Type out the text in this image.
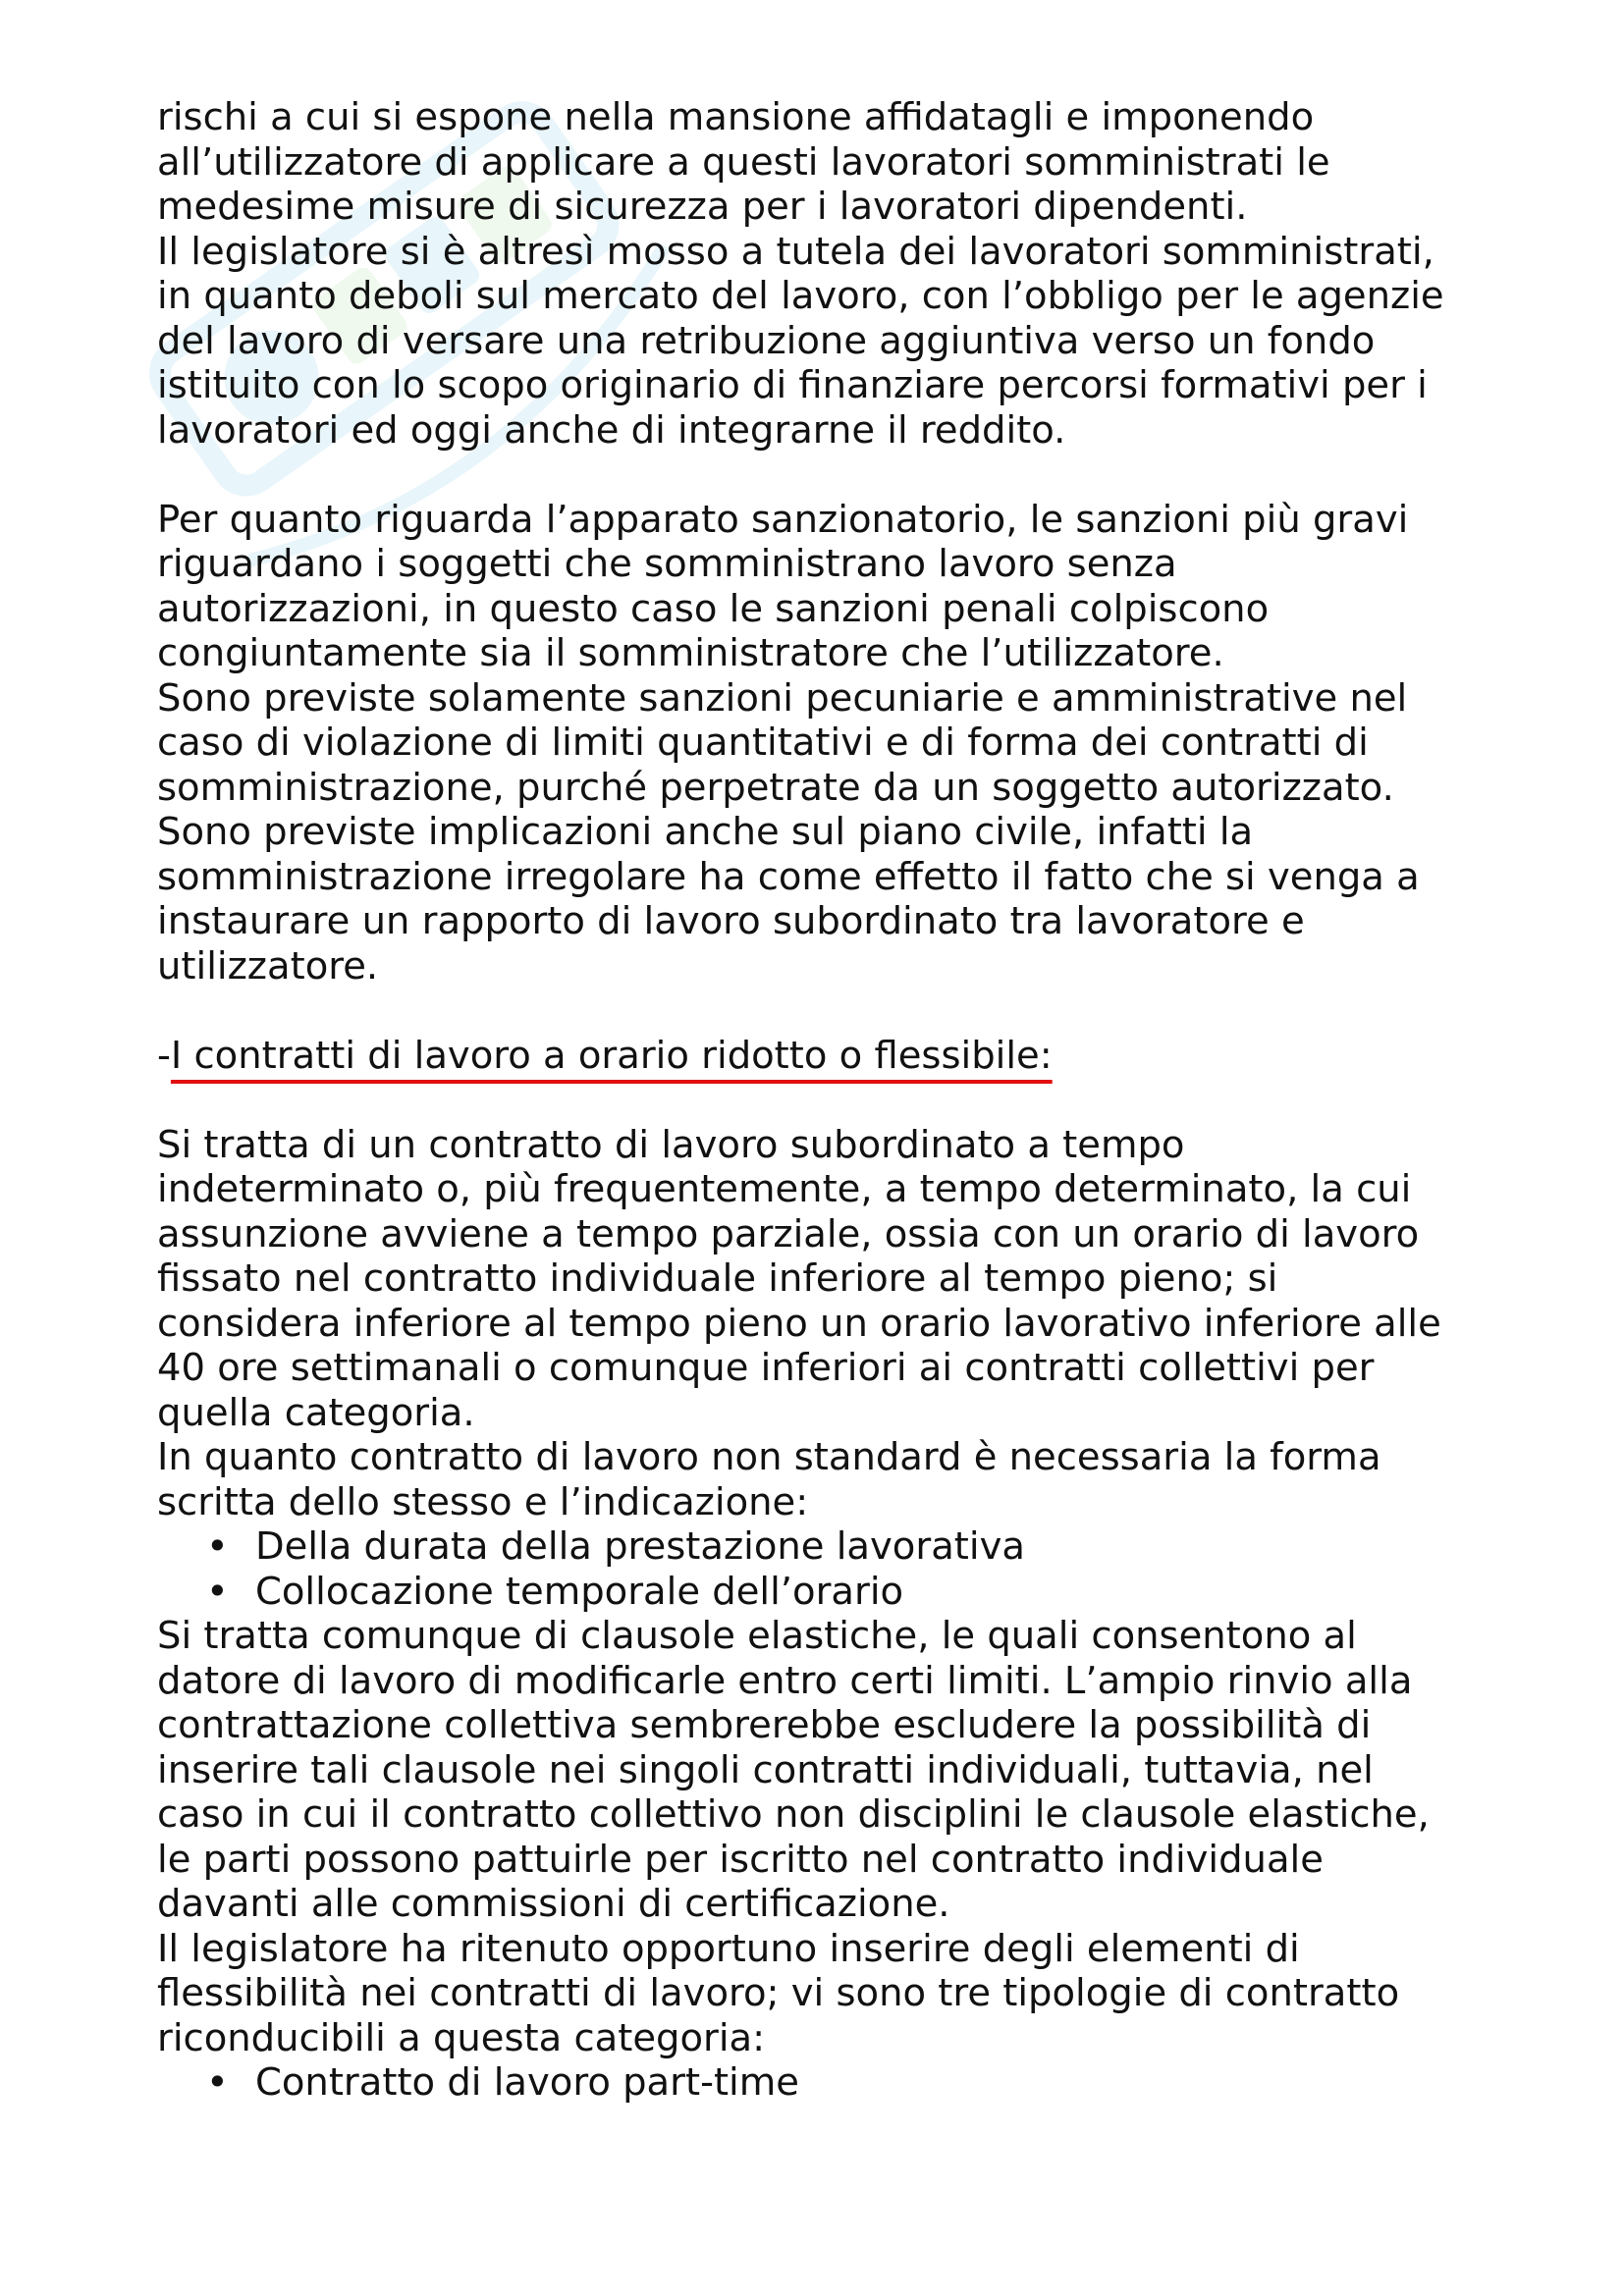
rischi a cui si espone nella mansione affidatagli e imponendo
all’utilizzatore di applicare a questi lavoratori somministrati le
medesime misure di sicurezza per i lavoratori dipendenti.
Il legislatore si è altresì mosso a tutela dei lavoratori somministrati,
in quanto deboli sul mercato del lavoro, con l’obbligo per le agenzie
del lavoro di versare una retribuzione aggiuntiva verso un fondo
istituito con lo scopo originario di finanziare percorsi formativi per i
lavoratori ed oggi anche di integrarne il reddito.
Per quanto riguarda l’apparato sanzionatorio, le sanzioni più gravi
riguardano i soggetti che somministrano lavoro senza
autorizzazioni, in questo caso le sanzioni penali colpiscono
congiuntamente sia il somministratore che l’utilizzatore.
Sono previste solamente sanzioni pecuniarie e amministrative nel
caso di violazione di limiti quantitativi e di forma dei contratti di
somministrazione, purché perpetrate da un soggetto autorizzato.
Sono previste implicazioni anche sul piano civile, infatti la
somministrazione irregolare ha come effetto il fatto che si venga a
instaurare un rapporto di lavoro subordinato tra lavoratore e
utilizzatore.
-I contratti di lavoro a orario ridotto o flessibile:
Si tratta di un contratto di lavoro subordinato a tempo
indeterminato o, più frequentemente, a tempo determinato, la cui
assunzione avviene a tempo parziale, ossia con un orario di lavoro
fissato nel contratto individuale inferiore al tempo pieno; si
considera inferiore al tempo pieno un orario lavorativo inferiore alle
40 ore settimanali o comunque inferiori ai contratti collettivi per
quella categoria.
In quanto contratto di lavoro non standard è necessaria la forma
scritta dello stesso e l’indicazione:
• Della durata della prestazione lavorativa
• Collocazione temporale dell’orario
Si tratta comunque di clausole elastiche, le quali consentono al
datore di lavoro di modificarle entro certi limiti. L’ampio rinvio alla
contrattazione collettiva sembrerebbe escludere la possibilità di
inserire tali clausole nei singoli contratti individuali, tuttavia, nel
caso in cui il contratto collettivo non disciplini le clausole elastiche,
le parti possono pattuirle per iscritto nel contratto individuale
davanti alle commissioni di certificazione.
Il legislatore ha ritenuto opportuno inserire degli elementi di
flessibilità nei contratti di lavoro; vi sono tre tipologie di contratto
riconducibili a questa categoria:
• Contratto di lavoro part-time
